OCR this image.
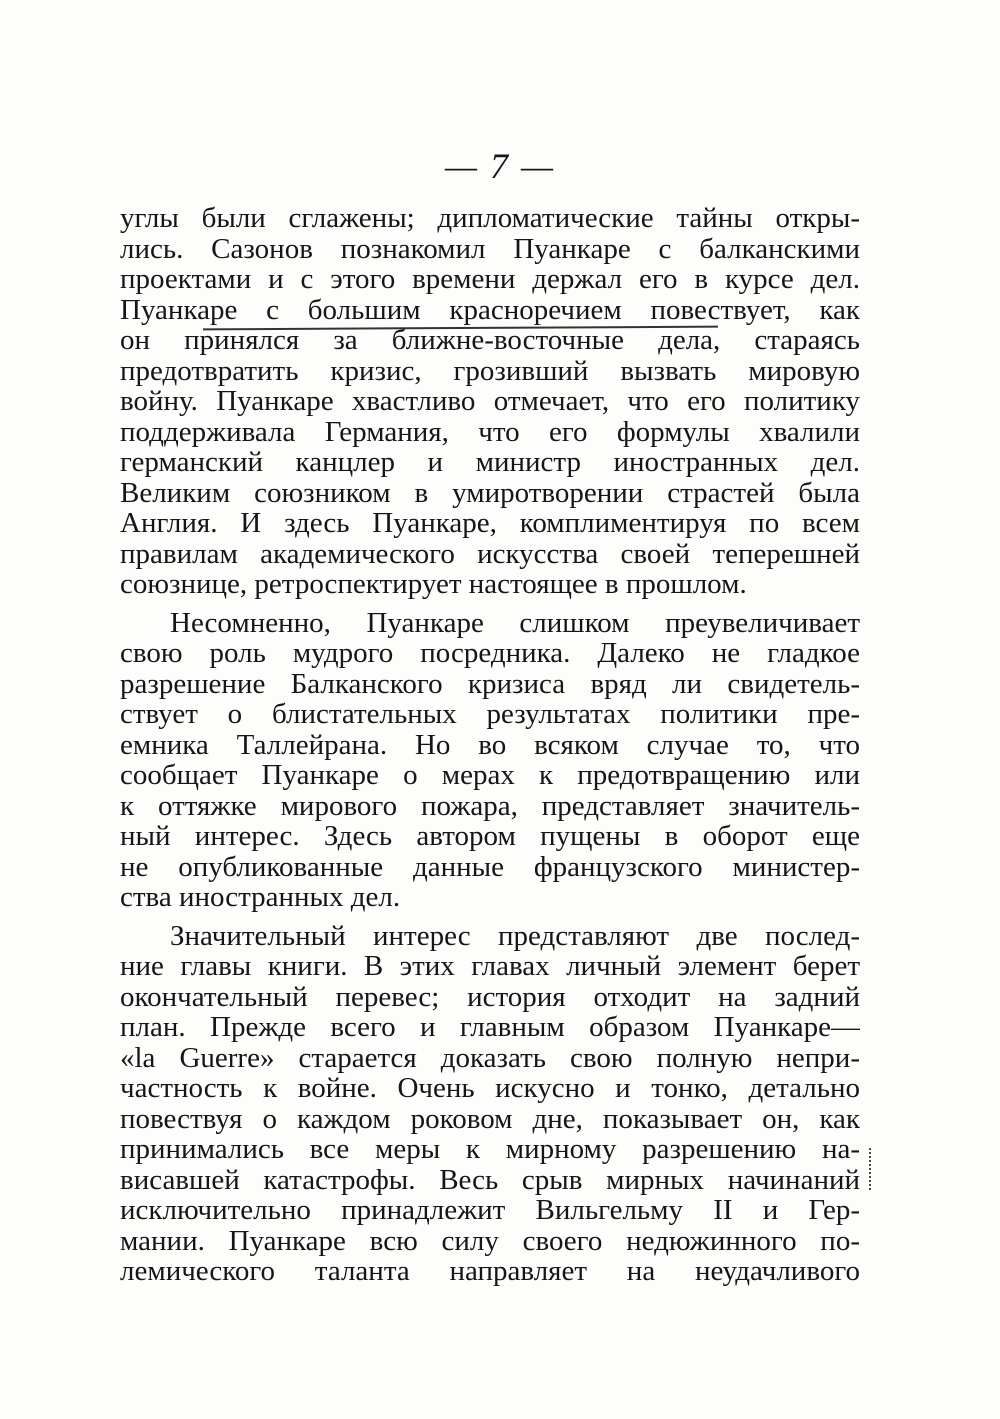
— 7 —
углы были сглажены; дипломатические тайны откры-
лись. Сазонов познакомил Пуанкаре с балканскими
проектами и с этого времени держал его в курсе дел.
Пуанкаре с большим красноречием повествует, как
он принялся за ближне-восточные дела, стараясь
предотвратить кризис, грозивший вызвать мировую
войну. Пуанкаре хвастливо отмечает, что его политику
поддерживала Германия, что его формулы хвалили
германский канцлер и министр иностранных дел.
Великим союзником в умиротворении страстей была
Англия. И здесь Пуанкаре, комплиментируя по всем
правилам академического искусства своей теперешней
союзнице, ретроспектирует настоящее в прошлом.
Несомненно, Пуанкаре слишком преувеличивает
свою роль мудрого посредника. Далеко не гладкое
разрешение Балканского кризиса вряд ли свидетель-
ствует о блистательных результатах политики пре-
емника Таллейрана. Но во всяком случае то, что
сообщает Пуанкаре о мерах к предотвращению или
к оттяжке мирового пожара, представляет значитель-
ный интерес. Здесь автором пущены в оборот еще
не опубликованные данные французского министер-
ства иностранных дел.
Значительный интерес представляют две послед-
ние главы книги. В этих главах личный элемент берет
окончательный перевес; история отходит на задний
план. Прежде всего и главным образом Пуанкаре—
«la Guerre» старается доказать свою полную непри-
частность к войне. Очень искусно и тонко, детально
повествуя о каждом роковом дне, показывает он, как
принимались все меры к мирному разрешению на-
висавшей катастрофы. Весь срыв мирных начинаний
исключительно принадлежит Вильгельму II и Гер-
мании. Пуанкаре всю силу своего недюжинного по-
лемического таланта направляет на неудачливого
